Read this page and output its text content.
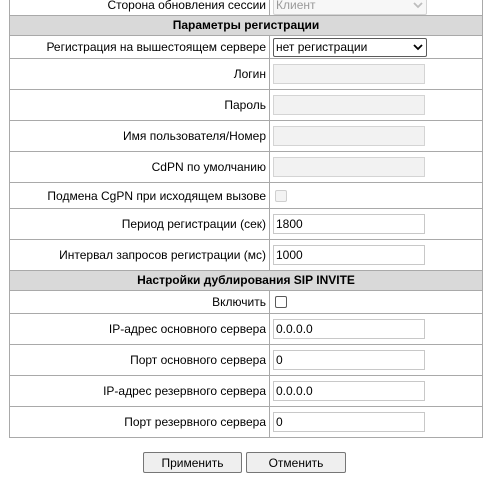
Сторона обновления сессии Клиент
Параметры регистрации
Регистрация на вышестоящем сервере нет регистрации
Логин
Пароль
Имя пользователя/Номер
CdPN по умолчанию
Подмена CgPN при исходящем вызове
Период регистрации (сек)
1800
Интервал запросов регистрации (мс)
1000
Настройки дублирования SIP INVITE
Включить
IP-адрес основного сервера
0.0.0.0
Порт основного сервера
0
IP-адрес резервного сервера
0.0.0.0
Порт резервного сервера
0
Применить	Отменить
